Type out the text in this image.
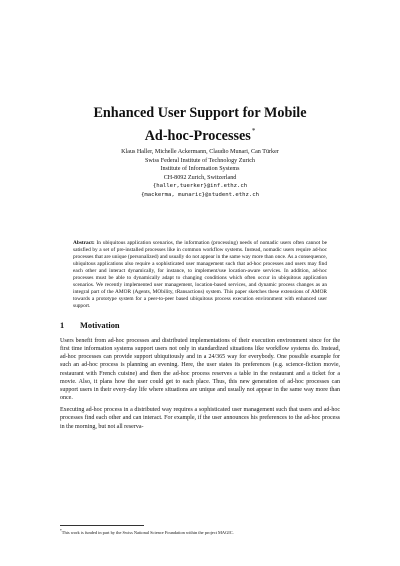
Enhanced User Support for Mobile
Ad-hoc-Processes*
Klaus Haller, Michelle Ackermann, Claudio Munari, Can Türker
Swiss Federal Institute of Technology Zurich
Institute of Information Systems
CH-8092 Zurich, Switzerland
{haller,tuerker}@inf.ethz.ch
{mackerma, munaric}@student.ethz.ch
Abstract: In ubiquitous application scenarios, the information (processing) needs of nomadic users often cannot be satisfied by a set of pre-installed processes like in common workflow systems. Instead, nomadic users require ad-hoc processes that are unique (personalized) and usually do not appear in the same way more than once. As a consequence, ubiquitous applications also require a sophisticated user management such that ad-hoc processes and users may find each other and interact dynamically, for instance, to implement/use location-aware services. In addition, ad-hoc processes must be able to dynamically adapt to changing conditions which often occur in ubiquitous application scenarios. We recently implemented user management, location-based services, and dynamic process changes as an integral part of the AMOR (Agents, MObility, tRansactions) system. This paper sketches these extensions of AMOR towards a prototype system for a peer-to-peer based ubiquitous process execution environment with enhanced user support.
1 Motivation

Users benefit from ad-hoc processes and distributed implementations of their execution environment since for the first time information systems support users not only in standardized situations like workflow systems do. Instead, ad-hoc processes can provide support ubiquitously and in a 24/365 way for everybody. One possible example for such an ad-hoc process is planning an evening. Here, the user states its preferences (e.g. science-fiction movie, restaurant with French cuisine) and then the ad-hoc process reserves a table in the restaurant and a ticket for a movie. Also, it plans how the user could get to each place. Thus, this new generation of ad-hoc processes can support users in their every-day life where situations are unique and usually not appear in the same way more than once.

Executing ad-hoc process in a distributed way requires a sophisticated user management such that users and ad-hoc processes find each other and can interact. For example, if the user announces his preferences to the ad-hoc process in the morning, but not all reserva-

*This work is funded in part by the Swiss National Science Foundation within the project MAGIC.
